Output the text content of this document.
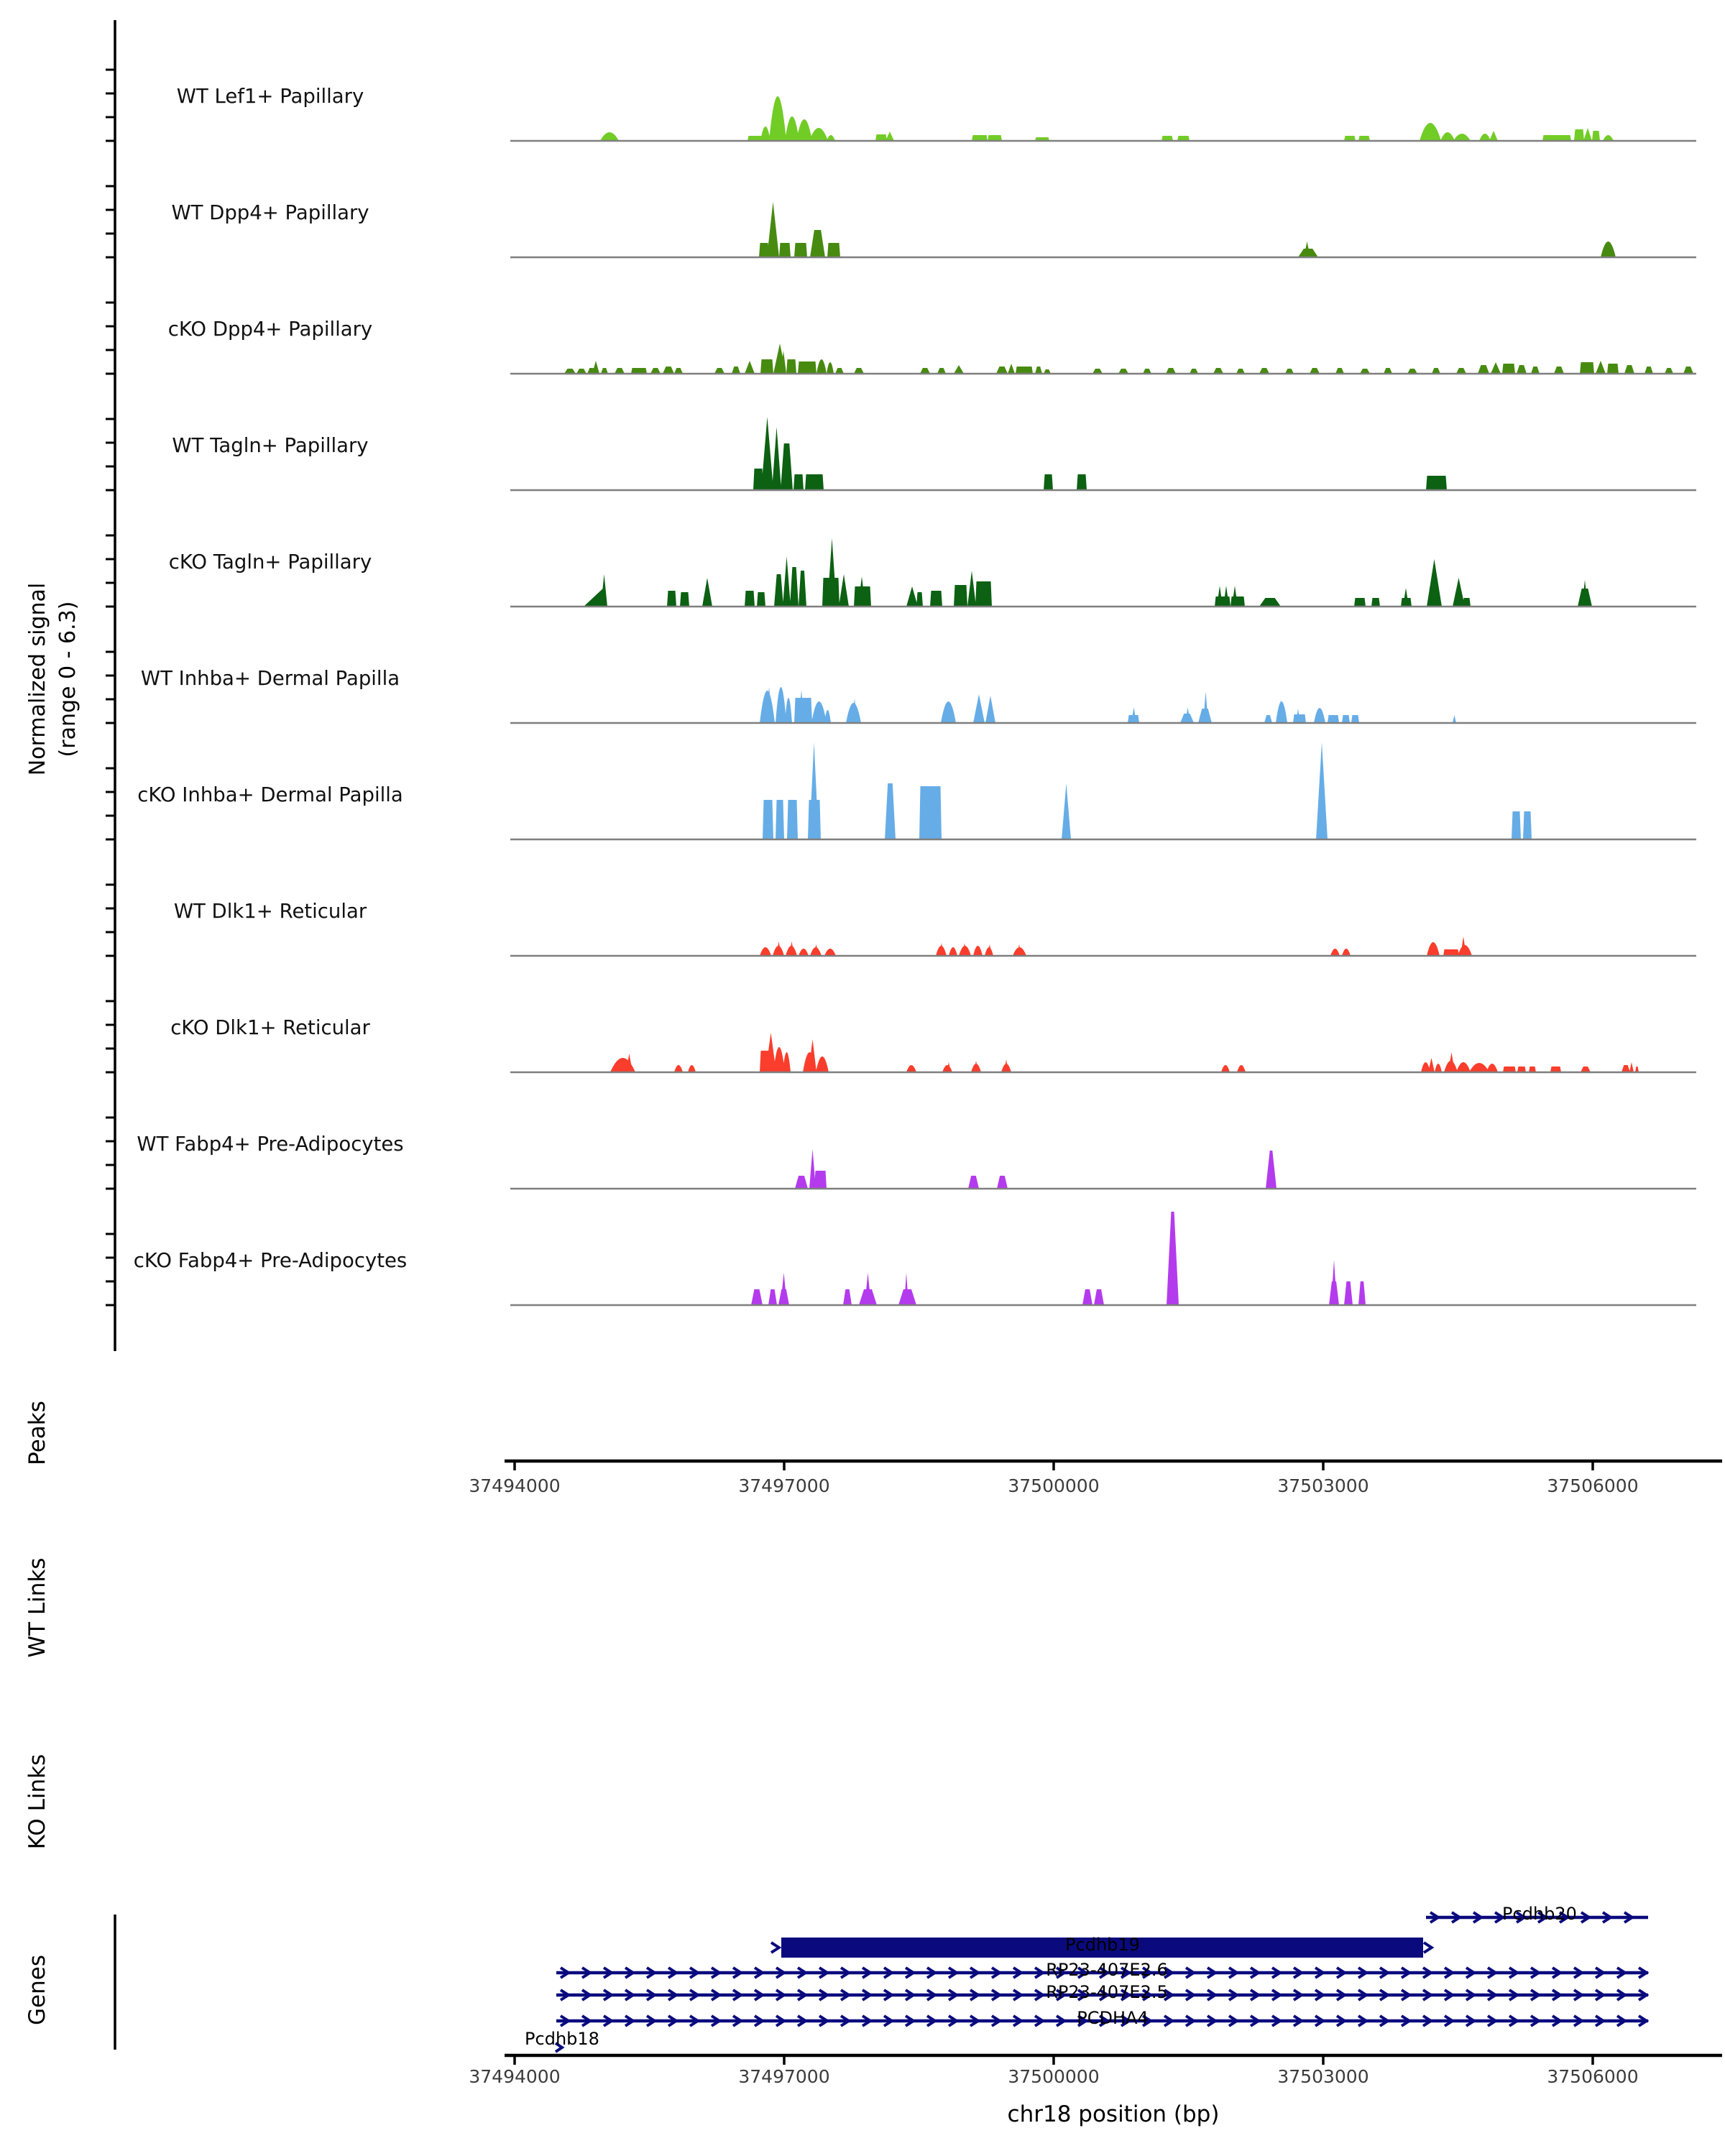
Normalized signal (range 0 - 6.3)
WT Lef1+ Papillary
WT Dpp4+ Papillary
cKO Dpp4+ Papillary
WT Tagln+ Papillary
cKO Tagln+ Papillary
WT Inhba+ Dermal Papilla
cKO Inhba+ Dermal Papilla
WT Dlk1+ Reticular
cKO Dlk1+ Reticular
WT Fabp4+ Pre-Adipocytes
cKO Fabp4+ Pre-Adipocytes
Peaks
WT Links
KO Links
Genes
37494000	37497000	37500000	37503000	37506000
37494000	37497000	37500000	37503000	37506000
chr18 position (bp)
Pcdhb20
Pcdhb19
RP23-407E2.6
RP23-407E2.5
PCDHA4
Pcdhb18
